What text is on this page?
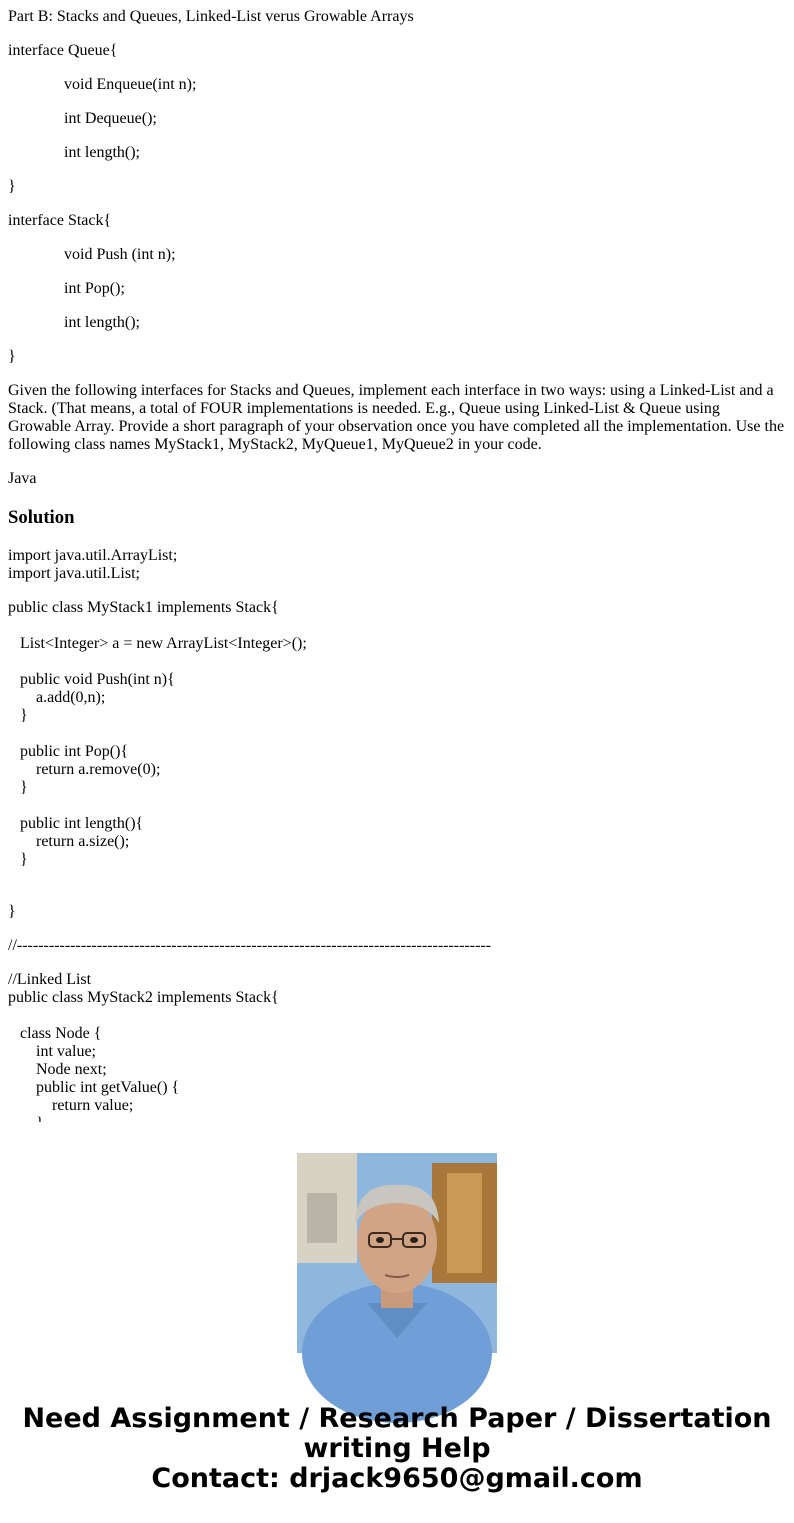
Part B: Stacks and Queues, Linked-List verus Growable Arrays

interface Queue{

void Enqueue(int n);

int Dequeue();

int length();

}

interface Stack{

void Push (int n);

int Pop();

int length();

}

Given the following interfaces for Stacks and Queues, implement each interface in two ways: using a Linked-List and a Stack. (That means, a total of FOUR implementations is needed. E.g., Queue using Linked-List & Queue using Growable Array. Provide a short paragraph of your observation once you have completed all the implementation. Use the following class names MyStack1, MyStack2, MyQueue1, MyQueue2 in your code.

Java

Solution

import java.util.ArrayList;

import java.util.List;

public class MyStack1 implements Stack{

List<Integer> a = new ArrayList<Integer>();

public void Push(int n){

a.add(0,n);

}

public int Pop(){

return a.remove(0);

}

public int length(){

return a.size();

}

}

//-----------------------------------------------------------------------------------------

//Linked List

public class MyStack2 implements Stack{

class Node {

int value;

Node next;

public int getValue() {

return value;

Need Assignment / Research Paper / Dissertation
writing Help
Contact: drjack9650@gmail.com
